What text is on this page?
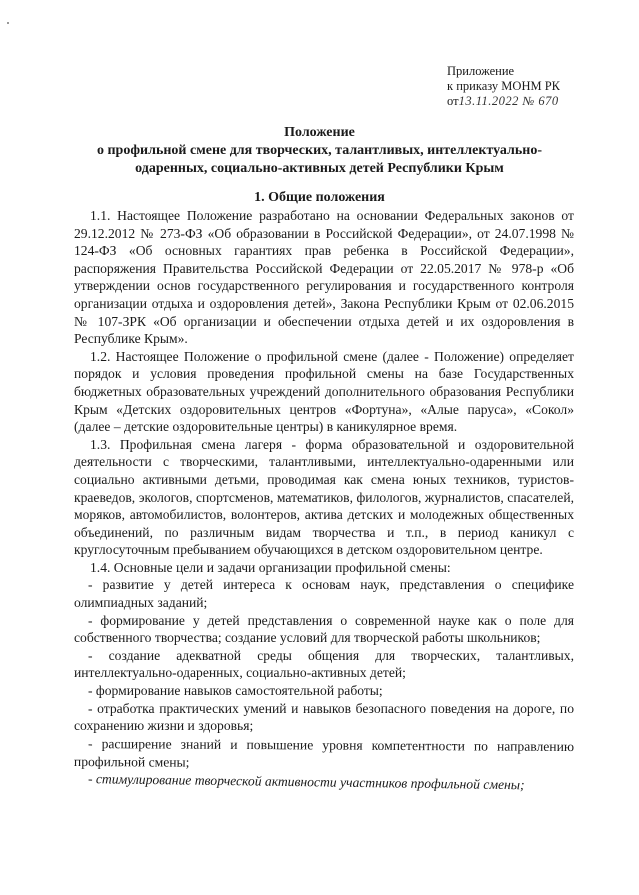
Приложение
к приказу МОНМ РК
от13.11.2022 № 670
Положение
о профильной смене для творческих, талантливых, интеллектуально-
одаренных, социально-активных детей Республики Крым
1. Общие положения

1.1. Настоящее Положение разработано на основании Федеральных законов от 29.12.2012 № 273-ФЗ «Об образовании в Российской Федерации», от 24.07.1998 № 124-ФЗ «Об основных гарантиях прав ребенка в Российской Федерации», распоряжения Правительства Российской Федерации от 22.05.2017 № 978-р «Об утверждении основ государственного регулирования и государственного контроля организации отдыха и оздоровления детей», Закона Республики Крым от 02.06.2015 № 107-ЗРК «Об организации и обеспечении отдыха детей и их оздоровления в Республике Крым».

1.2. Настоящее Положение о профильной смене (далее - Положение) определяет порядок и условия проведения профильной смены на базе Государственных бюджетных образовательных учреждений дополнительного образования Республики Крым «Детских оздоровительных центров «Фортуна», «Алые паруса», «Сокол» (далее – детские оздоровительные центры) в каникулярное время.

1.3. Профильная смена лагеря - форма образовательной и оздоровительной деятельности с творческими, талантливыми, интеллектуально-одаренными или социально активными детьми, проводимая как смена юных техников, туристов-краеведов, экологов, спортсменов, математиков, филологов, журналистов, спасателей, моряков, автомобилистов, волонтеров, актива детских и молодежных общественных объединений, по различным видам творчества и т.п., в период каникул с круглосуточным пребыванием обучающихся в детском оздоровительном центре.

1.4. Основные цели и задачи организации профильной смены:

- развитие у детей интереса к основам наук, представления о специфике олимпиадных заданий;

- формирование у детей представления о современной науке как о поле для собственного творчества; создание условий для творческой работы школьников;

- создание адекватной среды общения для творческих, талантливых, интеллектуально-одаренных, социально-активных детей;

- формирование навыков самостоятельной работы;

- отработка практических умений и навыков безопасного поведения на дороге, по сохранению жизни и здоровья;

- расширение знаний и повышение уровня компетентности по направлению профильной смены;

- стимулирование творческой активности участников профильной смены;
